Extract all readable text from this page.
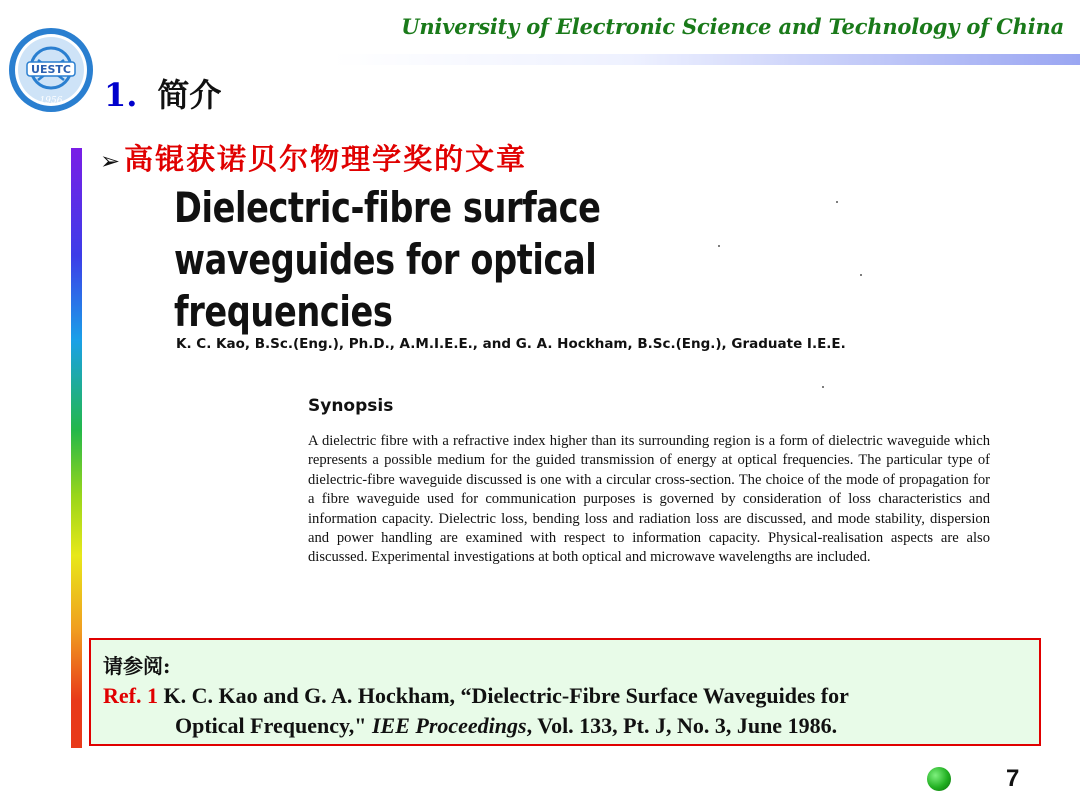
University of Electronic Science and Technology of China
UESTC
1956 1. 简介
➢高锟获诺贝尔物理学奖的文章
Dielectric-fibre surface waveguides for optical frequencies
K. C. Kao, B.Sc.(Eng.), Ph.D., A.M.I.E.E., and G. A. Hockham, B.Sc.(Eng.), Graduate I.E.E.
Synopsis
A dielectric fibre with a refractive index higher than its surrounding region is a form of dielectric waveguide which represents a possible medium for the guided transmission of energy at optical frequencies. The particular type of dielectric-fibre waveguide discussed is one with a circular cross-section. The choice of the mode of propagation for a fibre waveguide used for communication purposes is governed by consideration of loss characteristics and information capacity. Dielectric loss, bending loss and radiation loss are discussed, and mode stability, dispersion and power handling are examined with respect to information capacity. Physical-realisation aspects are also discussed. Experimental investigations at both optical and microwave wavelengths are included.
请参阅:
Ref. 1 K. C. Kao and G. A. Hockham, “Dielectric-Fibre Surface Waveguides for
Optical Frequency," IEE Proceedings, Vol. 133, Pt. J, No. 3, June 1986.
7
